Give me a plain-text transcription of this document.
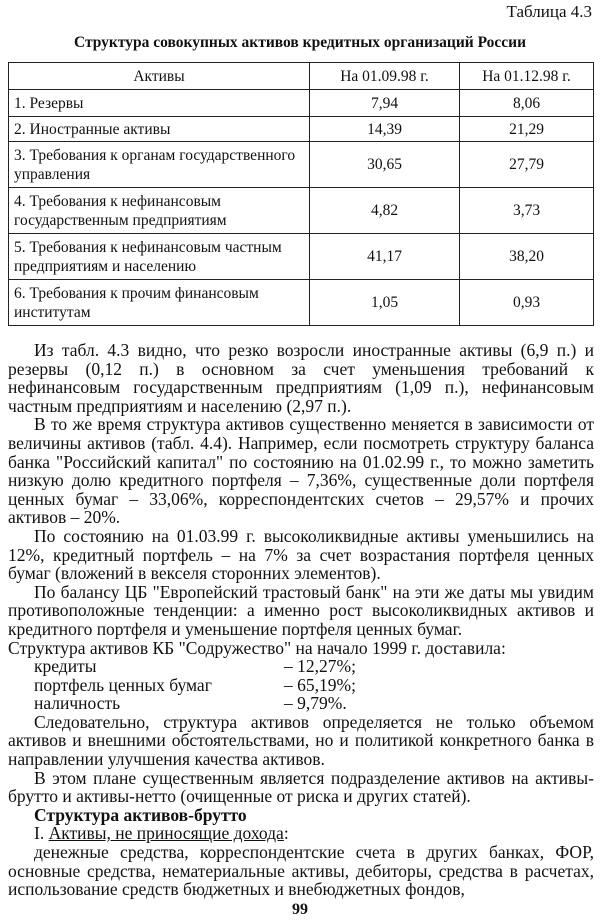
Таблица 4.3
Структура совокупных активов кредитных организаций России
Активы	На 01.09.98 г.	На 01.12.98 г.
1. Резервы	7,94	8,06
2. Иностранные активы	14,39	21,29
3. Требования к органам государственного управления	30,65	27,79
4. Требования к нефинансовым государственным предприятиям	4,82	3,73
5. Требования к нефинансовым частным предприятиям и населению	41,17	38,20
6. Требования к прочим финансовым институтам	1,05	0,93

Из табл. 4.3 видно, что резко возросли иностранные активы (6,9 п.) и резервы (0,12 п.) в основном за счет уменьшения требований к нефинансовым государственным предприятиям (1,09 п.), нефинансовым частным предприятиям и населению (2,97 п.).

В то же время структура активов существенно меняется в зависимости от величины активов (табл. 4.4). Например, если посмотреть структуру баланса банка "Российский капитал" по состоянию на 01.02.99 г., то можно заметить низкую долю кредитного портфеля – 7,36%, существенные доли портфеля ценных бумаг – 33,06%, корреспондентских счетов – 29,57% и прочих активов – 20%.

По состоянию на 01.03.99 г. высоколиквидные активы уменьшились на 12%, кредитный портфель – на 7% за счет возрастания портфеля ценных бумаг (вложений в векселя сторонних элементов).

По балансу ЦБ "Европейский трастовый банк" на эти же даты мы увидим противоположные тенденции: а именно рост высоколиквидных активов и кредитного портфеля и уменьшение портфеля ценных бумаг.

Структура активов КБ "Содружество" на начало 1999 г. доставила:

кредиты	– 12,27%;
портфель ценных бумаг	– 65,19%;
наличность	– 9,79%.

Следовательно, структура активов определяется не только объемом активов и внешними обстоятельствами, но и политикой конкретного банка в направлении улучшения качества активов.

В этом плане существенным является подразделение активов на активы-брутто и активы-нетто (очищенные от риска и других статей).

Структура активов-брутто
I. Активы, не приносящие дохода:

денежные средства, корреспондентские счета в других банках, ФОР, основные средства, нематериальные активы, дебиторы, средства в расчетах, использование средств бюджетных и внебюджетных фондов,

99
